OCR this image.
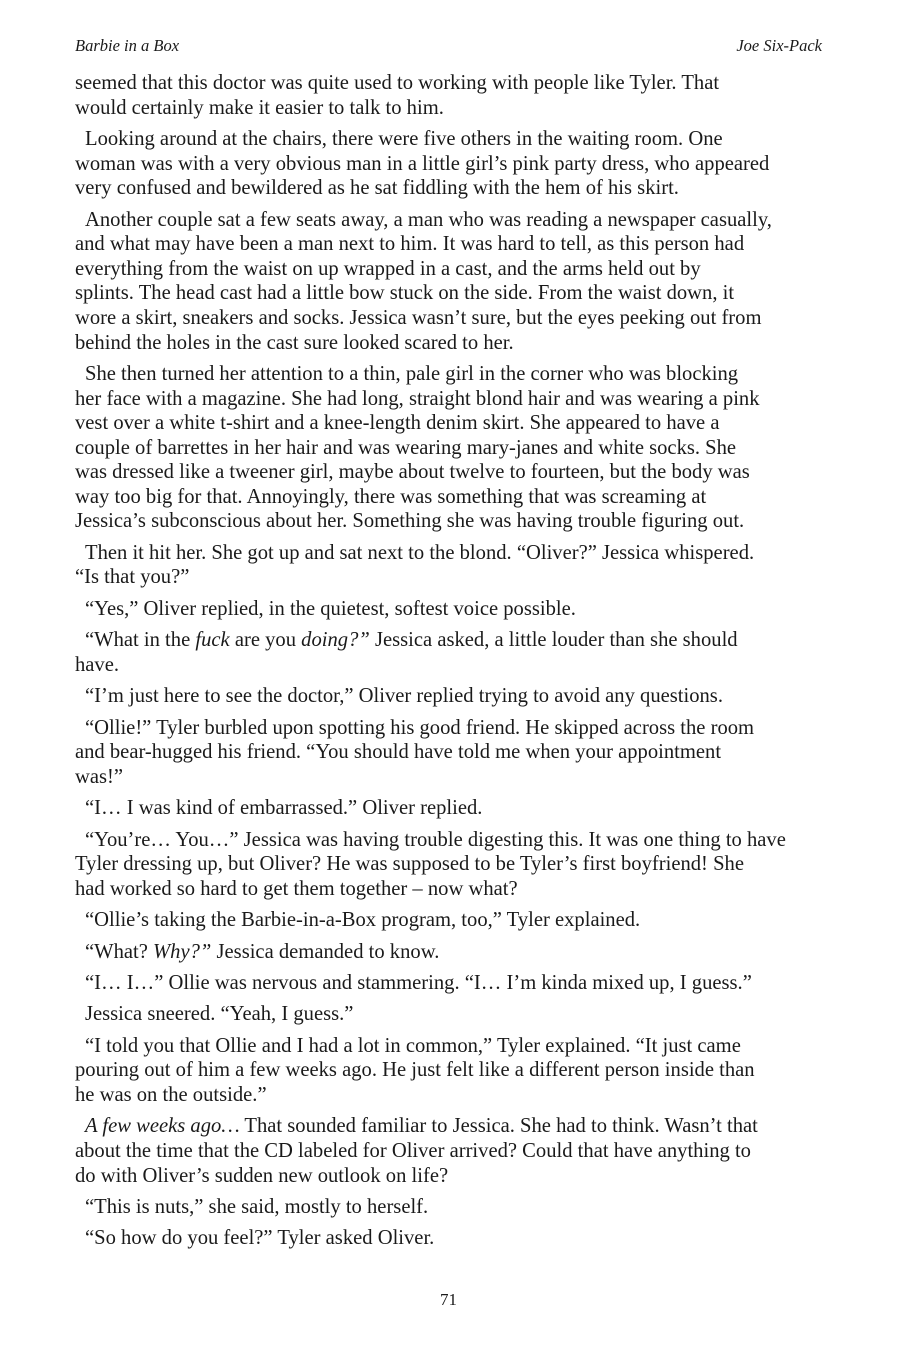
Barbie in a Box	Joe Six-Pack

seemed that this doctor was quite used to working with people like Tyler. That
would certainly make it easier to talk to him.

Looking around at the chairs, there were five others in the waiting room. One
woman was with a very obvious man in a little girl’s pink party dress, who appeared
very confused and bewildered as he sat fiddling with the hem of his skirt.

Another couple sat a few seats away, a man who was reading a newspaper casually,
and what may have been a man next to him. It was hard to tell, as this person had
everything from the waist on up wrapped in a cast, and the arms held out by
splints. The head cast had a little bow stuck on the side. From the waist down, it
wore a skirt, sneakers and socks. Jessica wasn’t sure, but the eyes peeking out from
behind the holes in the cast sure looked scared to her.

She then turned her attention to a thin, pale girl in the corner who was blocking
her face with a magazine. She had long, straight blond hair and was wearing a pink
vest over a white t-shirt and a knee-length denim skirt. She appeared to have a
couple of barrettes in her hair and was wearing mary-janes and white socks. She
was dressed like a tweener girl, maybe about twelve to fourteen, but the body was
way too big for that. Annoyingly, there was something that was screaming at
Jessica’s subconscious about her. Something she was having trouble figuring out.

Then it hit her. She got up and sat next to the blond. “Oliver?” Jessica whispered.
“Is that you?”

“Yes,” Oliver replied, in the quietest, softest voice possible.

“What in the fuck are you doing?” Jessica asked, a little louder than she should
have.

“I’m just here to see the doctor,” Oliver replied trying to avoid any questions.

“Ollie!” Tyler burbled upon spotting his good friend. He skipped across the room
and bear-hugged his friend. “You should have told me when your appointment
was!”

“I… I was kind of embarrassed.” Oliver replied.

“You’re… You…” Jessica was having trouble digesting this. It was one thing to have
Tyler dressing up, but Oliver? He was supposed to be Tyler’s first boyfriend! She
had worked so hard to get them together – now what?

“Ollie’s taking the Barbie-in-a-Box program, too,” Tyler explained.

“What? Why?” Jessica demanded to know.

“I… I…” Ollie was nervous and stammering. “I… I’m kinda mixed up, I guess.”

Jessica sneered. “Yeah, I guess.”

“I told you that Ollie and I had a lot in common,” Tyler explained. “It just came
pouring out of him a few weeks ago. He just felt like a different person inside than
he was on the outside.”

A few weeks ago… That sounded familiar to Jessica. She had to think. Wasn’t that
about the time that the CD labeled for Oliver arrived? Could that have anything to
do with Oliver’s sudden new outlook on life?

“This is nuts,” she said, mostly to herself.

“So how do you feel?” Tyler asked Oliver.

71
